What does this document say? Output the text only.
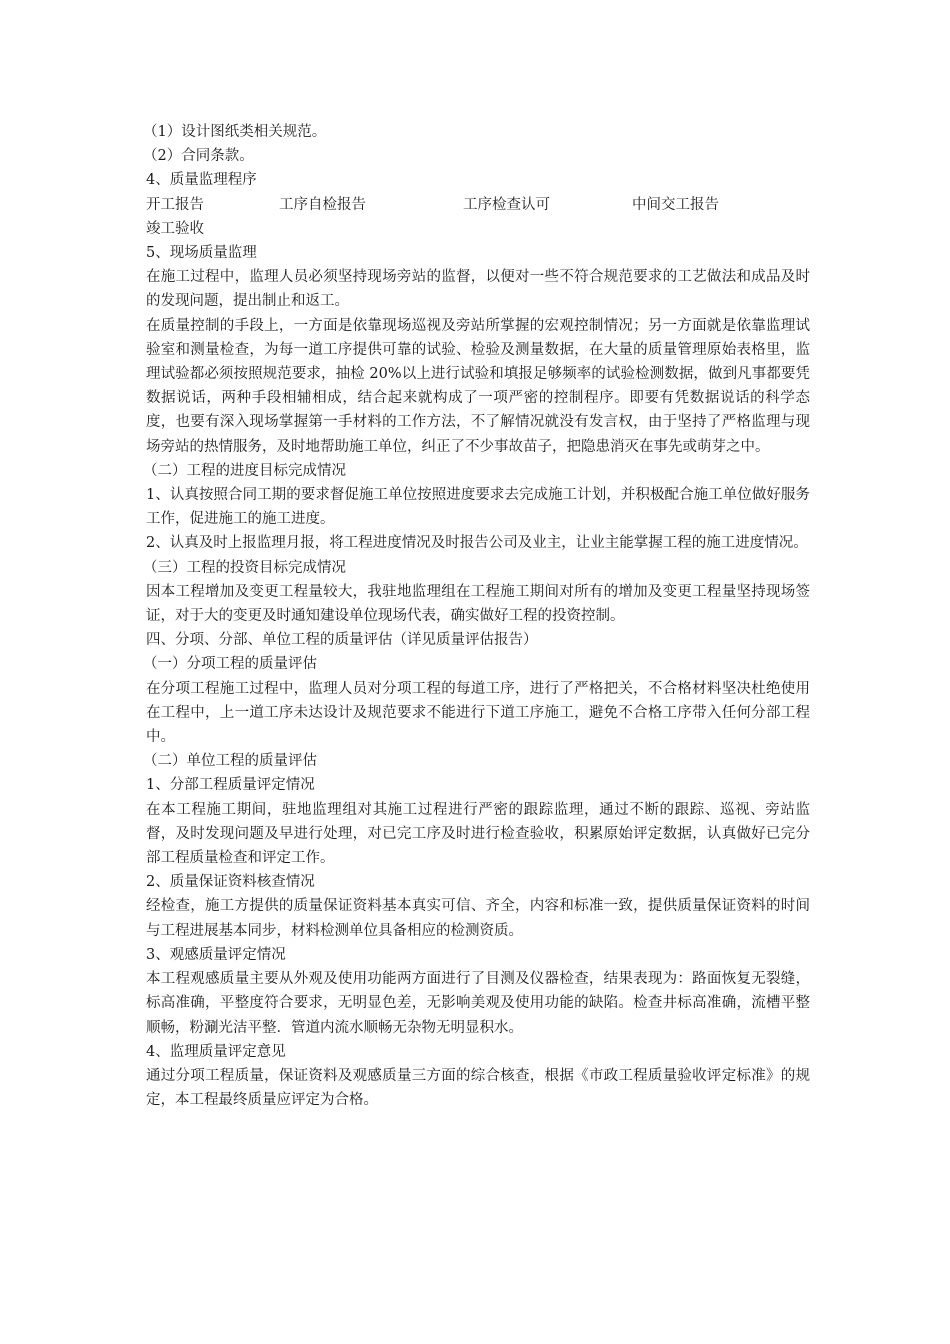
（1）设计图纸类相关规范。

（2）合同条款。

4、质量监理程序

开工报告	工序自检报告	工序检查认可	中间交工报告

竣工验收

5、现场质量监理

在施工过程中，监理人员必须坚持现场旁站的监督，以便对一些不符合规范要求的工艺做法和成品及时的发现问题，提出制止和返工。

在质量控制的手段上，一方面是依靠现场巡视及旁站所掌握的宏观控制情况；另一方面就是依靠监理试验室和测量检查，为每一道工序提供可靠的试验、检验及测量数据，在大量的质量管理原始表格里，监理试验都必须按照规范要求，抽检 20%以上进行试验和填报足够频率的试验检测数据，做到凡事都要凭数据说话，两种手段相辅相成，结合起来就构成了一项严密的控制程序。即要有凭数据说话的科学态度，也要有深入现场掌握第一手材料的工作方法，不了解情况就没有发言权，由于坚持了严格监理与现场旁站的热情服务，及时地帮助施工单位，纠正了不少事故苗子，把隐患消灭在事先或萌芽之中。

（二）工程的进度目标完成情况

1、认真按照合同工期的要求督促施工单位按照进度要求去完成施工计划，并积极配合施工单位做好服务工作，促进施工的施工进度。

2、认真及时上报监理月报，将工程进度情况及时报告公司及业主，让业主能掌握工程的施工进度情况。

（三）工程的投资目标完成情况

因本工程增加及变更工程量较大，我驻地监理组在工程施工期间对所有的增加及变更工程量坚持现场签证，对于大的变更及时通知建设单位现场代表，确实做好工程的投资控制。

四、分项、分部、单位工程的质量评估（详见质量评估报告）

（一）分项工程的质量评估

在分项工程施工过程中，监理人员对分项工程的每道工序，进行了严格把关，不合格材料坚决杜绝使用在工程中，上一道工序未达设计及规范要求不能进行下道工序施工，避免不合格工序带入任何分部工程中。

（二）单位工程的质量评估

1、分部工程质量评定情况

在本工程施工期间，驻地监理组对其施工过程进行严密的跟踪监理，通过不断的跟踪、巡视、旁站监督，及时发现问题及早进行处理，对已完工序及时进行检查验收，积累原始评定数据，认真做好已完分部工程质量检查和评定工作。

2、质量保证资料核查情况

经检查，施工方提供的质量保证资料基本真实可信、齐全，内容和标准一致，提供质量保证资料的时间与工程进展基本同步，材料检测单位具备相应的检测资质。

3、观感质量评定情况

本工程观感质量主要从外观及使用功能两方面进行了目测及仪器检查，结果表现为：路面恢复无裂缝，标高准确，平整度符合要求，无明显色差，无影响美观及使用功能的缺陷。检查井标高准确，流槽平整顺畅，粉涮光洁平整．管道内流水顺畅无杂物无明显积水。

4、监理质量评定意见

通过分项工程质量，保证资料及观感质量三方面的综合核查，根据《市政工程质量验收评定标准》的规定，本工程最终质量应评定为合格。
